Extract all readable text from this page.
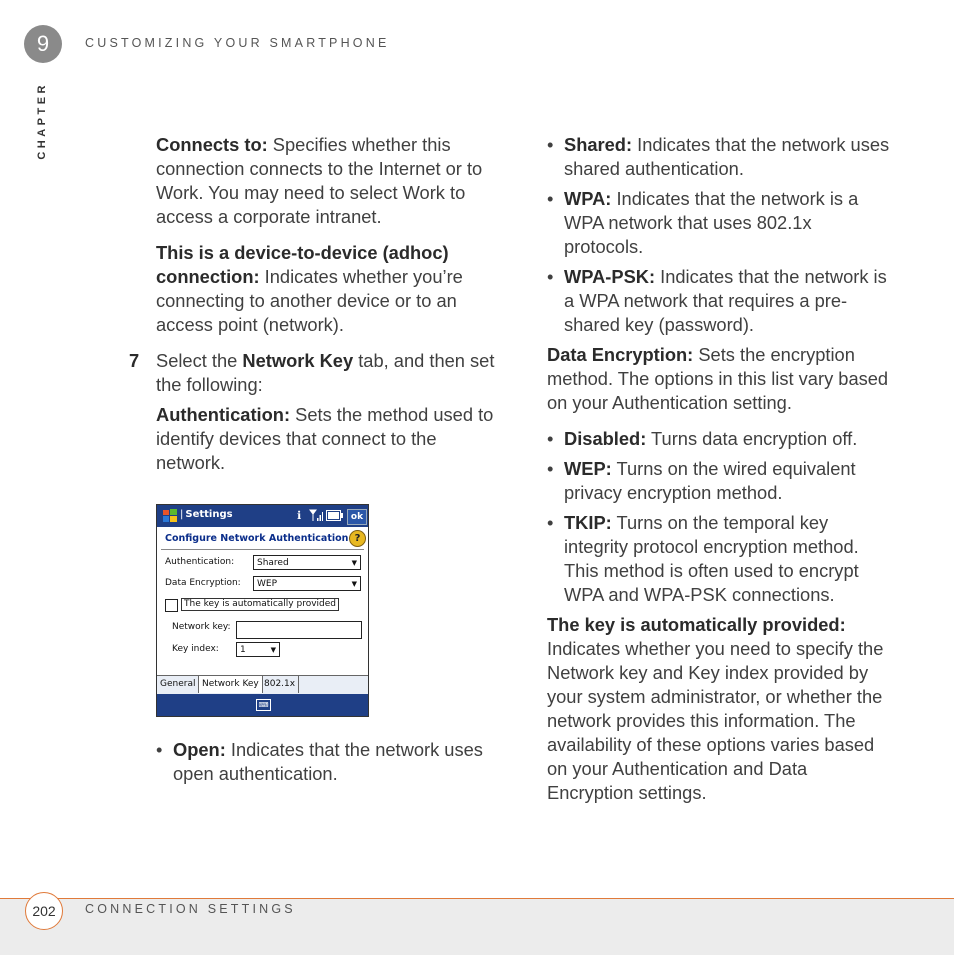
9	CUSTOMIZING YOUR SMARTPHONE
CHAPTER	Connects to: Specifies whether this connection connects to the Internet or to Work. You may need to select Work to access a corporate intranet.

This is a device-to-device (adhoc) connection: Indicates whether you’re connecting to another device or to an access point (network).

7 Select the Network Key tab, and then set the following:

Authentication: Sets the method used to identify devices that connect to the network.

| Settings	ℹ	ok
Configure Network Authentication ?
Authentication:	Shared	▼
Data Encryption:	WEP	▼
The key is automatically provided
Network key:
Key index:	1	▼
General Network Key 802.1x
⌨

• Open: Indicates that the network uses open authentication.

• Shared: Indicates that the network uses shared authentication.

• WPA: Indicates that the network is a WPA network that uses 802.1x protocols.

• WPA-PSK: Indicates that the network is a WPA network that requires a pre-shared key (password).

Data Encryption: Sets the encryption method. The options in this list vary based on your Authentication setting.

• Disabled: Turns data encryption off.

• WEP: Turns on the wired equivalent privacy encryption method.

• TKIP: Turns on the temporal key integrity protocol encryption method. This method is often used to encrypt WPA and WPA-PSK connections.

The key is automatically provided: Indicates whether you need to specify the Network key and Key index provided by your system administrator, or whether the network provides this information. The availability of these options varies based on your Authentication and Data Encryption settings.

202	CONNECTION SETTINGS
